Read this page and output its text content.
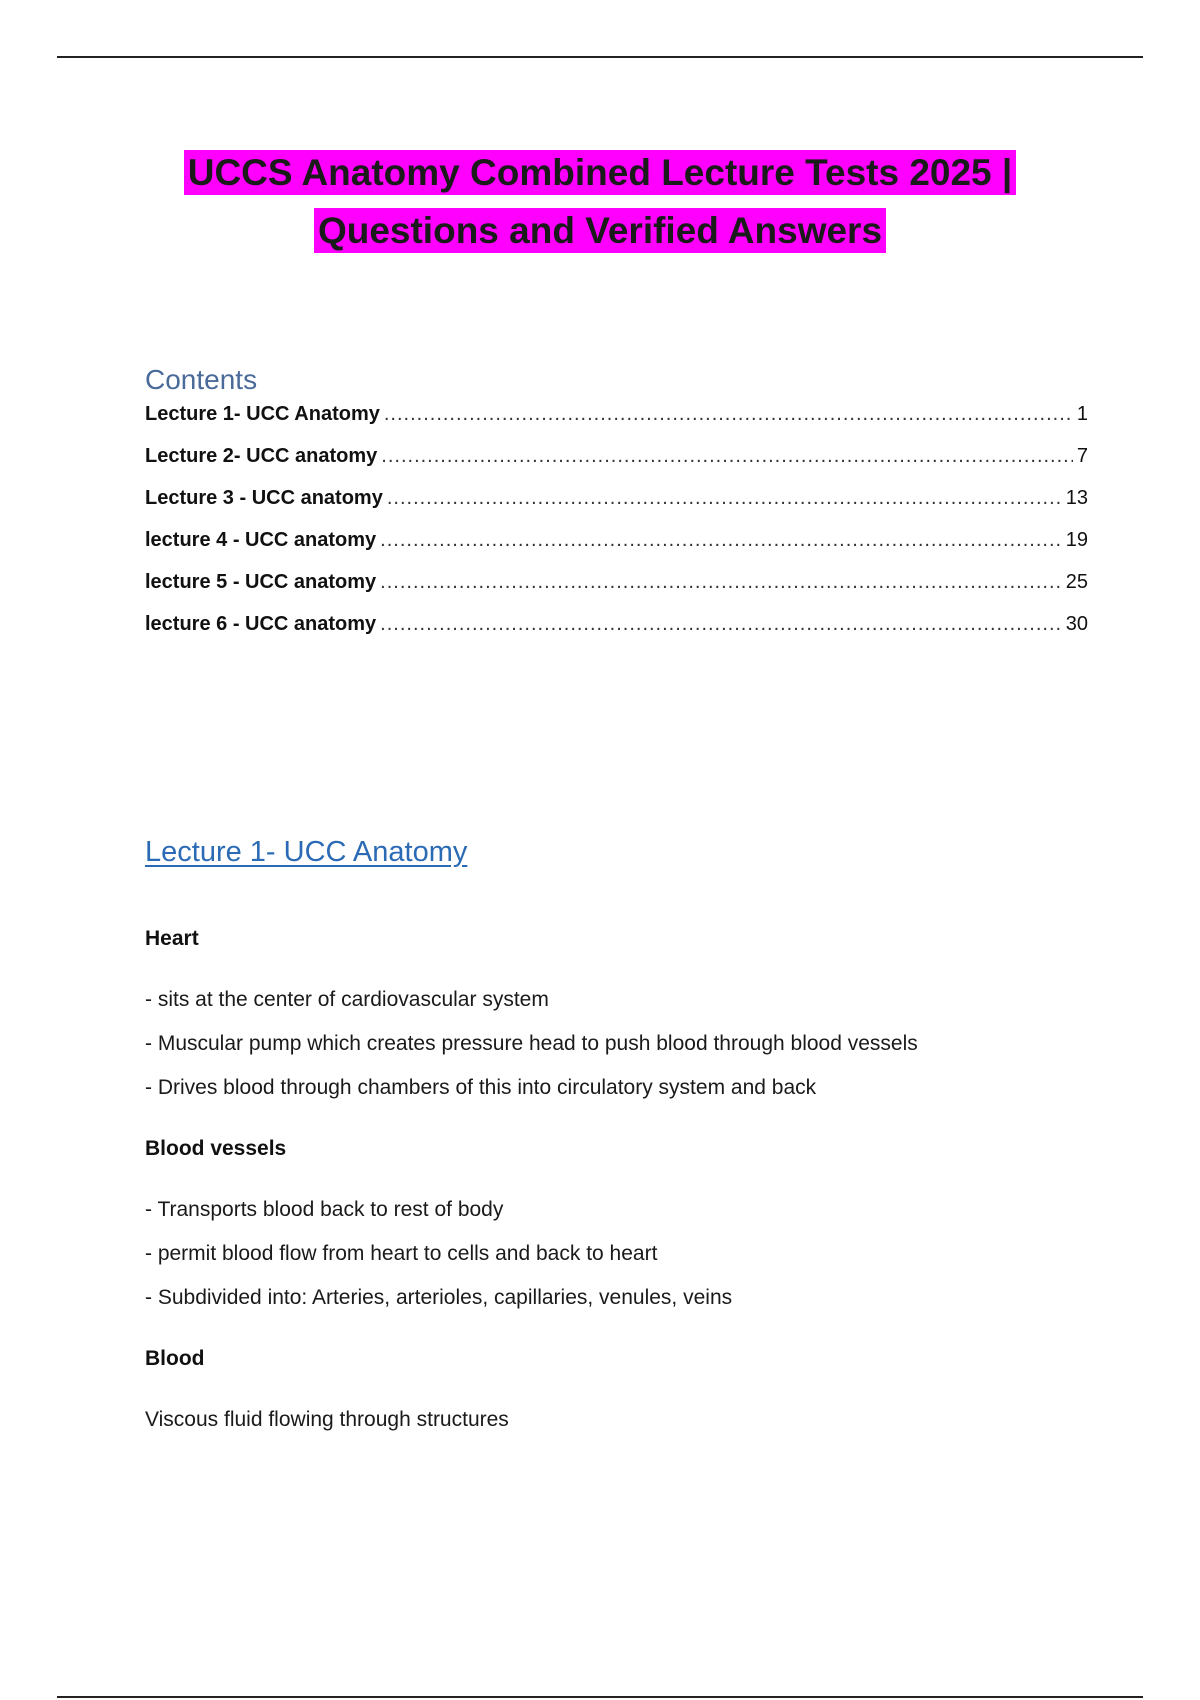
UCCS Anatomy Combined Lecture Tests 2025 |
Questions and Verified Answers
Contents
Lecture 1- UCC Anatomy .....	1
Lecture 2- UCC anatomy .....	7
Lecture 3 - UCC anatomy .....	13
lecture 4 - UCC anatomy .....	19
lecture 5 - UCC anatomy .....	25
lecture 6 - UCC anatomy .....	30
Lecture 1- UCC Anatomy
Heart
- sits at the center of cardiovascular system
- Muscular pump which creates pressure head to push blood through blood vessels
- Drives blood through chambers of this into circulatory system and back
Blood vessels
- Transports blood back to rest of body
- permit blood flow from heart to cells and back to heart
- Subdivided into: Arteries, arterioles, capillaries, venules, veins
Blood
Viscous fluid flowing through structures
